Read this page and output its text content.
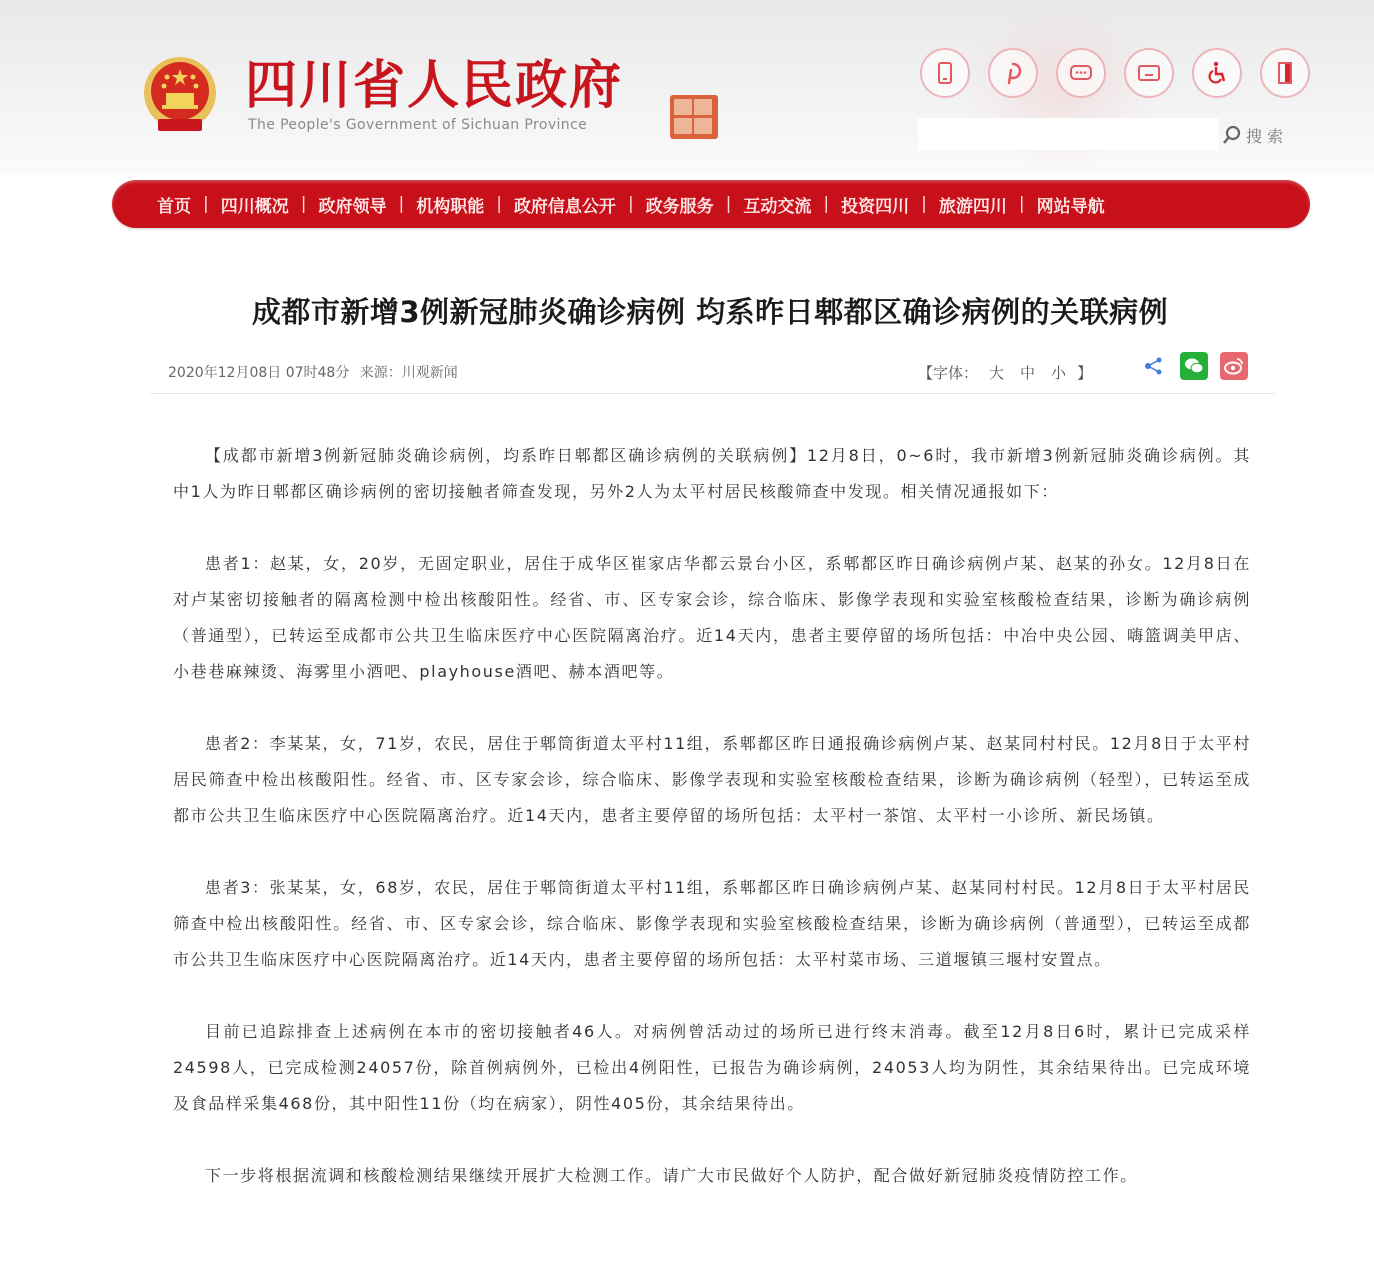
四川省人民政府
The People's Government of Sichuan Province
搜 索
首页 | 四川概况 | 政府领导 | 机构职能 | 政府信息公开 | 政务服务 | 互动交流 | 投资四川 | 旅游四川 | 网站导航
成都市新增3例新冠肺炎确诊病例 均系昨日郫都区确诊病例的关联病例
2020年12月08日 07时48分 来源：川观新闻	【字体： 大	中	小 】

【成都市新增3例新冠肺炎确诊病例，均系昨日郫都区确诊病例的关联病例】12月8日，0~6时，我市新增3例新冠肺炎确诊病例。其中1人为昨日郫都区确诊病例的密切接触者筛查发现，另外2人为太平村居民核酸筛查中发现。相关情况通报如下：

患者1：赵某，女，20岁，无固定职业，居住于成华区崔家店华都云景台小区，系郫都区昨日确诊病例卢某、赵某的孙女。12月8日在对卢某密切接触者的隔离检测中检出核酸阳性。经省、市、区专家会诊，综合临床、影像学表现和实验室核酸检查结果，诊断为确诊病例（普通型），已转运至成都市公共卫生临床医疗中心医院隔离治疗。近14天内，患者主要停留的场所包括：中冶中央公园、嗨篮调美甲店、小巷巷麻辣烫、海雾里小酒吧、playhouse酒吧、赫本酒吧等。

患者2：李某某，女，71岁，农民，居住于郫筒街道太平村11组，系郫都区昨日通报确诊病例卢某、赵某同村村民。12月8日于太平村居民筛查中检出核酸阳性。经省、市、区专家会诊，综合临床、影像学表现和实验室核酸检查结果，诊断为确诊病例（轻型），已转运至成都市公共卫生临床医疗中心医院隔离治疗。近14天内，患者主要停留的场所包括：太平村一茶馆、太平村一小诊所、新民场镇。

患者3：张某某，女，68岁，农民，居住于郫筒街道太平村11组，系郫都区昨日确诊病例卢某、赵某同村村民。12月8日于太平村居民筛查中检出核酸阳性。经省、市、区专家会诊，综合临床、影像学表现和实验室核酸检查结果，诊断为确诊病例（普通型），已转运至成都市公共卫生临床医疗中心医院隔离治疗。近14天内，患者主要停留的场所包括：太平村菜市场、三道堰镇三堰村安置点。

目前已追踪排查上述病例在本市的密切接触者46人。对病例曾活动过的场所已进行终末消毒。截至12月8日6时，累计已完成采样24598人，已完成检测24057份，除首例病例外，已检出4例阳性，已报告为确诊病例，24053人均为阴性，其余结果待出。已完成环境及食品样采集468份，其中阳性11份（均在病家），阴性405份，其余结果待出。

下一步将根据流调和核酸检测结果继续开展扩大检测工作。请广大市民做好个人防护，配合做好新冠肺炎疫情防控工作。
